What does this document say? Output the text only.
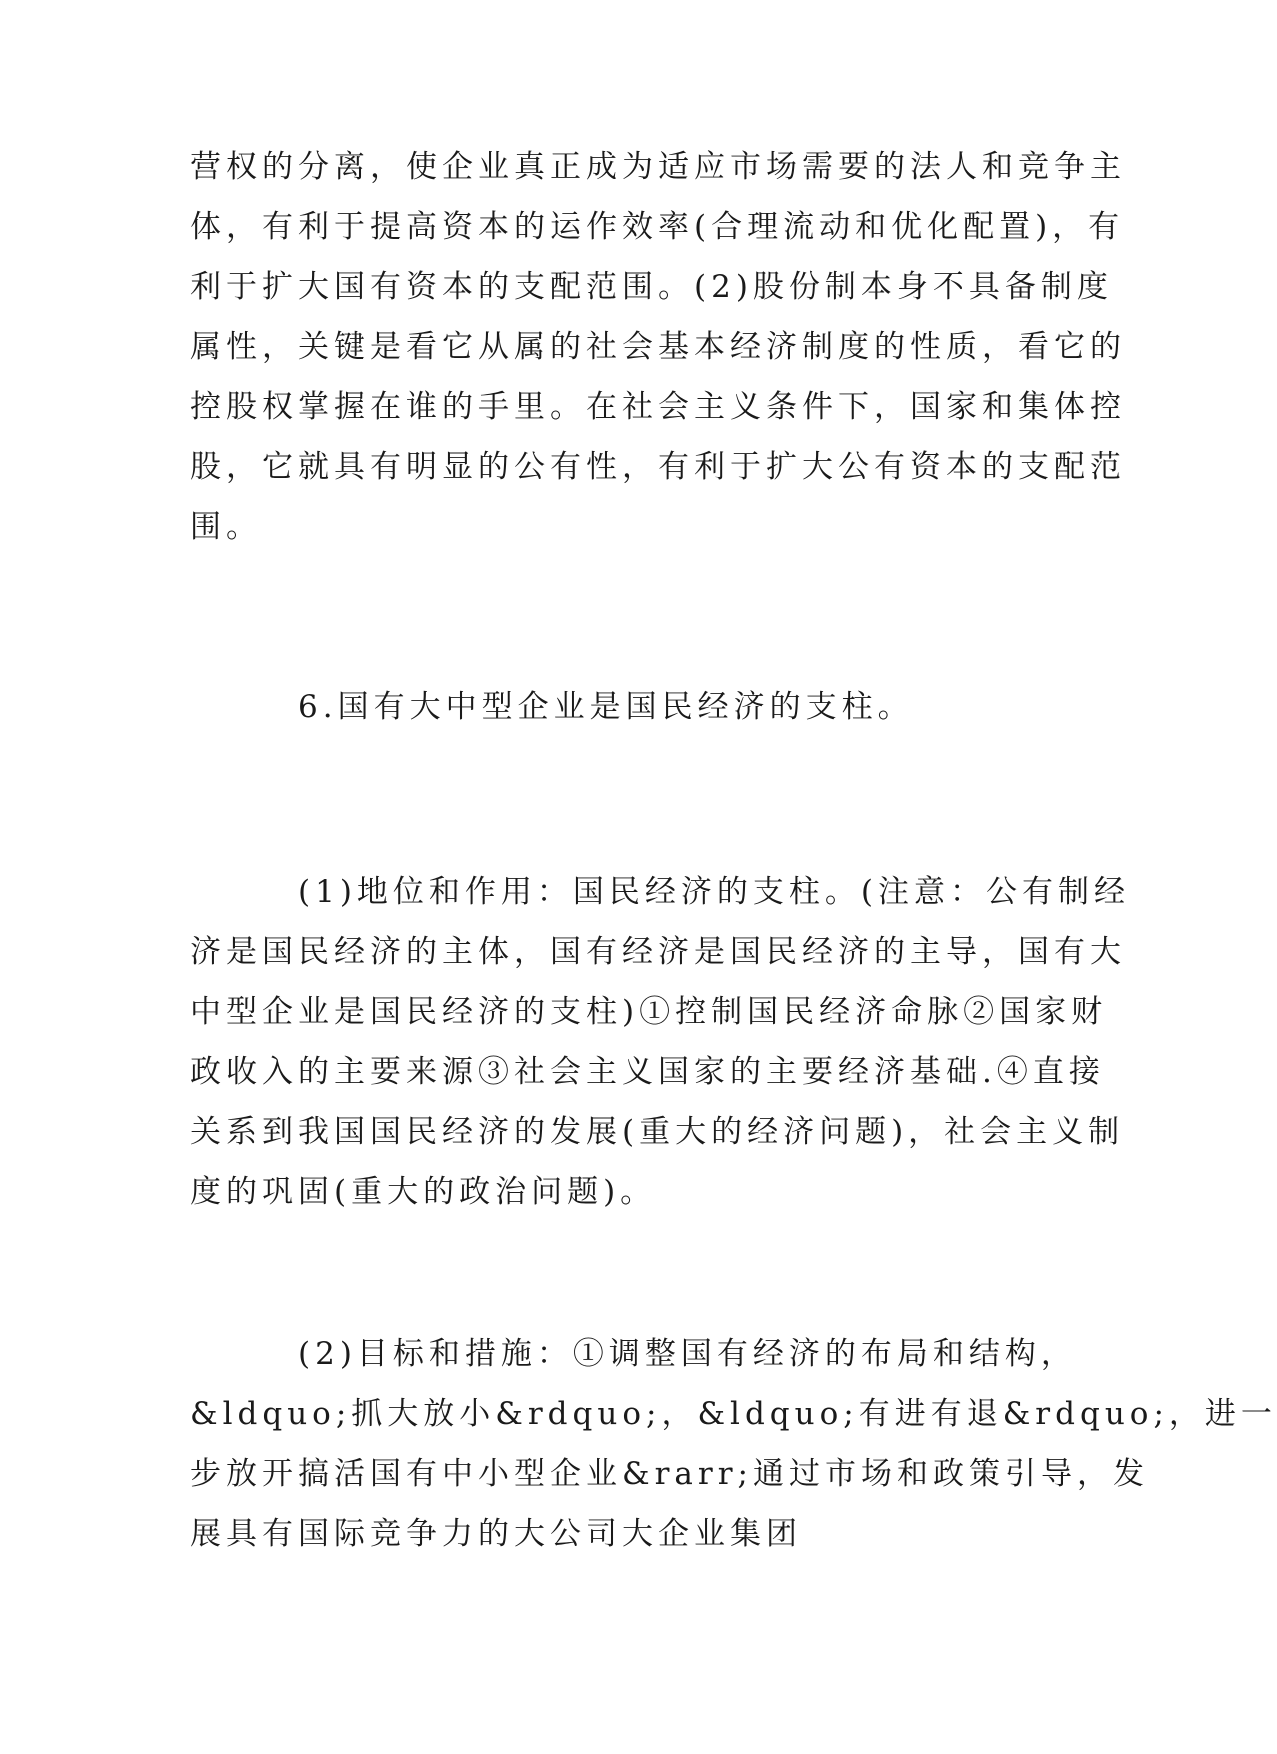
营权的分离，使企业真正成为适应市场需要的法人和竞争主
体，有利于提高资本的运作效率(合理流动和优化配置)，有
利于扩大国有资本的支配范围。(2)股份制本身不具备制度
属性，关键是看它从属的社会基本经济制度的性质，看它的
控股权掌握在谁的手里。在社会主义条件下，国家和集体控
股，它就具有明显的公有性，有利于扩大公有资本的支配范
围。
6.国有大中型企业是国民经济的支柱。
(1)地位和作用：国民经济的支柱。(注意：公有制经
济是国民经济的主体，国有经济是国民经济的主导，国有大
中型企业是国民经济的支柱)①控制国民经济命脉②国家财
政收入的主要来源③社会主义国家的主要经济基础.④直接
关系到我国国民经济的发展(重大的经济问题)，社会主义制
度的巩固(重大的政治问题)。
(2)目标和措施：①调整国有经济的布局和结构，
&ldquo;抓大放小&rdquo;，&ldquo;有进有退&rdquo;，进一
步放开搞活国有中小型企业&rarr;通过市场和政策引导，发
展具有国际竞争力的大公司大企业集团
